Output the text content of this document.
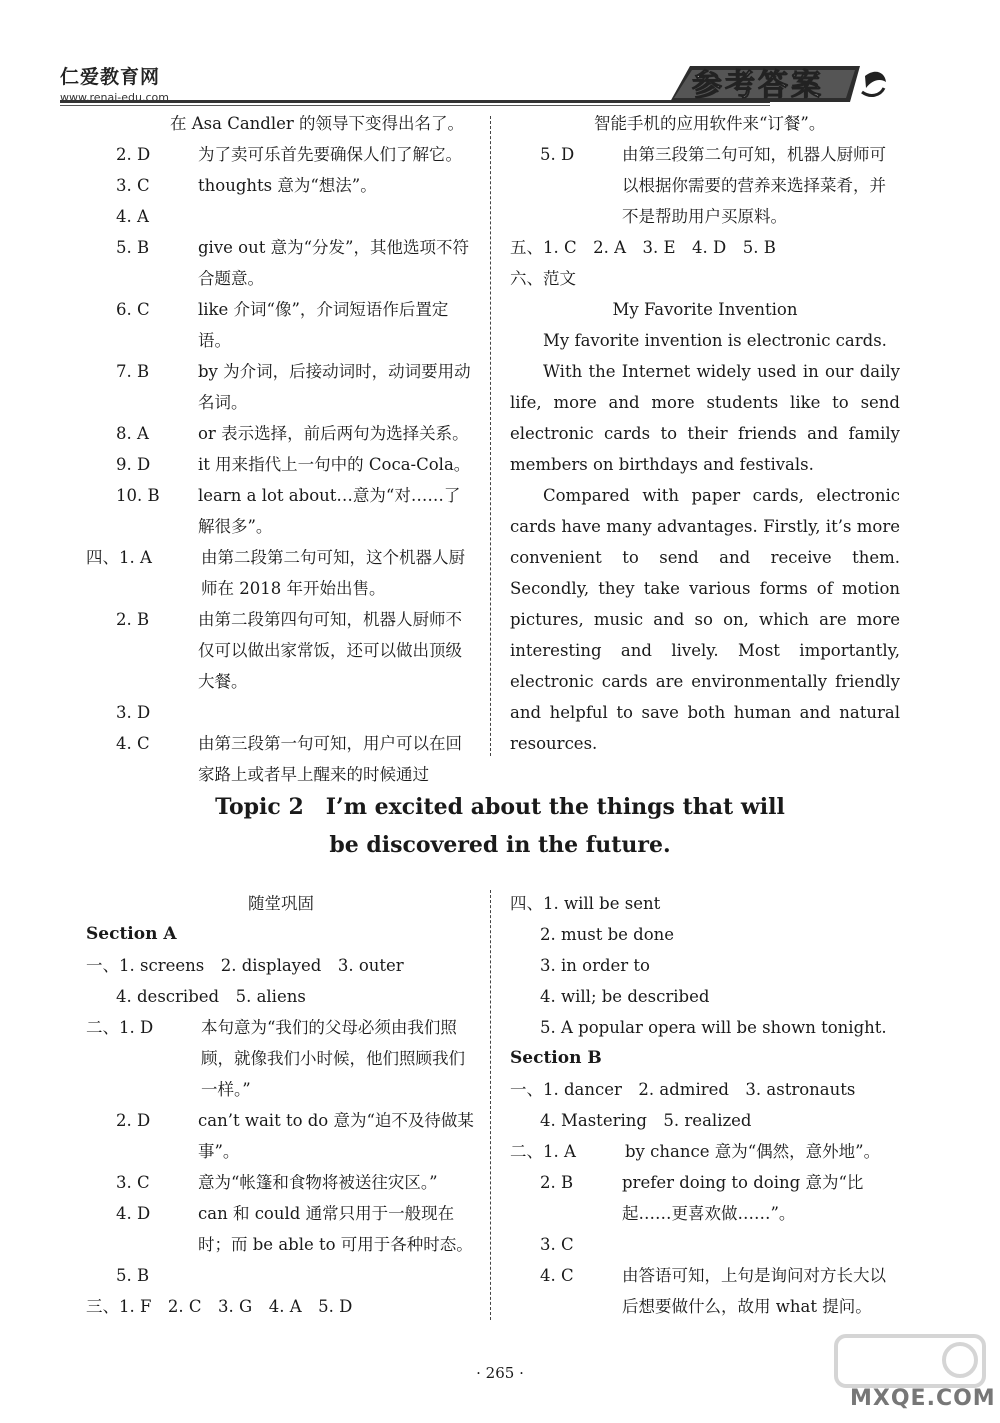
仁爱教育网
www.renai-edu.com	参考答案
在 Asa Candler 的领导下变得出名了。
2. D	为了卖可乐首先要确保人们了解它。
3. C	thoughts 意为“想法”。
4. A
5. B	give out 意为“分发”，其他选项不符合题意。
6. C	like 介词“像”，介词短语作后置定语。
7. B	by 为介词，后接动词时，动词要用动名词。
8. A	or 表示选择，前后两句为选择关系。
9. D	it 用来指代上一句中的 Coca-Cola。
10. B	learn a lot about…意为“对……了解很多”。
四、 1. A	由第二段第二句可知，这个机器人厨师在 2018 年开始出售。
2. B	由第二段第四句可知，机器人厨师不仅可以做出家常饭，还可以做出顶级大餐。
3. D
4. C	由第三段第一句可知，用户可以在回家路上或者早上醒来的时候通过
智能手机的应用软件来“订餐”。
5. D	由第三段第二句可知，机器人厨师可以根据你需要的营养来选择菜肴，并不是帮助用户买原料。
五、1. C　2. A　3. E　4. D　5. B
六、范文
My Favorite Invention
My favorite invention is electronic cards.
With the Internet widely used in our daily life, more and more students like to send electronic cards to their friends and family members on birthdays and festivals.
Compared with paper cards, electronic cards have many advantages. Firstly, it’s more convenient to send and receive them. Secondly, they take various forms of motion pictures, music and so on, which are more interesting and lively. Most importantly, electronic cards are environmentally friendly and helpful to save both human and natural resources.
Topic 2　I’m excited about the things that will
be discovered in the future.
随堂巩固
Section A
一、1. screens　2. displayed　3. outer
4. described　5. aliens
二、 1. D	本句意为“我们的父母必须由我们照顾，就像我们小时候，他们照顾我们一样。”
2. D	can’t wait to do 意为“迫不及待做某事”。
3. C	意为“帐篷和食物将被送往灾区。”
4. D	can 和 could 通常只用于一般现在时；而 be able to 可用于各种时态。
5. B
三、1. F　2. C　3. G　4. A　5. D
四、1. will be sent
2. must be done
3. in order to
4. will; be described
5. A popular opera will be shown tonight.
Section B
一、1. dancer　2. admired　3. astronauts
4. Mastering　5. realized
二、 1. A	by chance 意为“偶然，意外地”。
2. B	prefer doing to doing 意为“比起……更喜欢做……”。
3. C
4. C	由答语可知，上句是询问对方长大以后想要做什么，故用 what 提问。
· 265 ·
MXQE.COM
